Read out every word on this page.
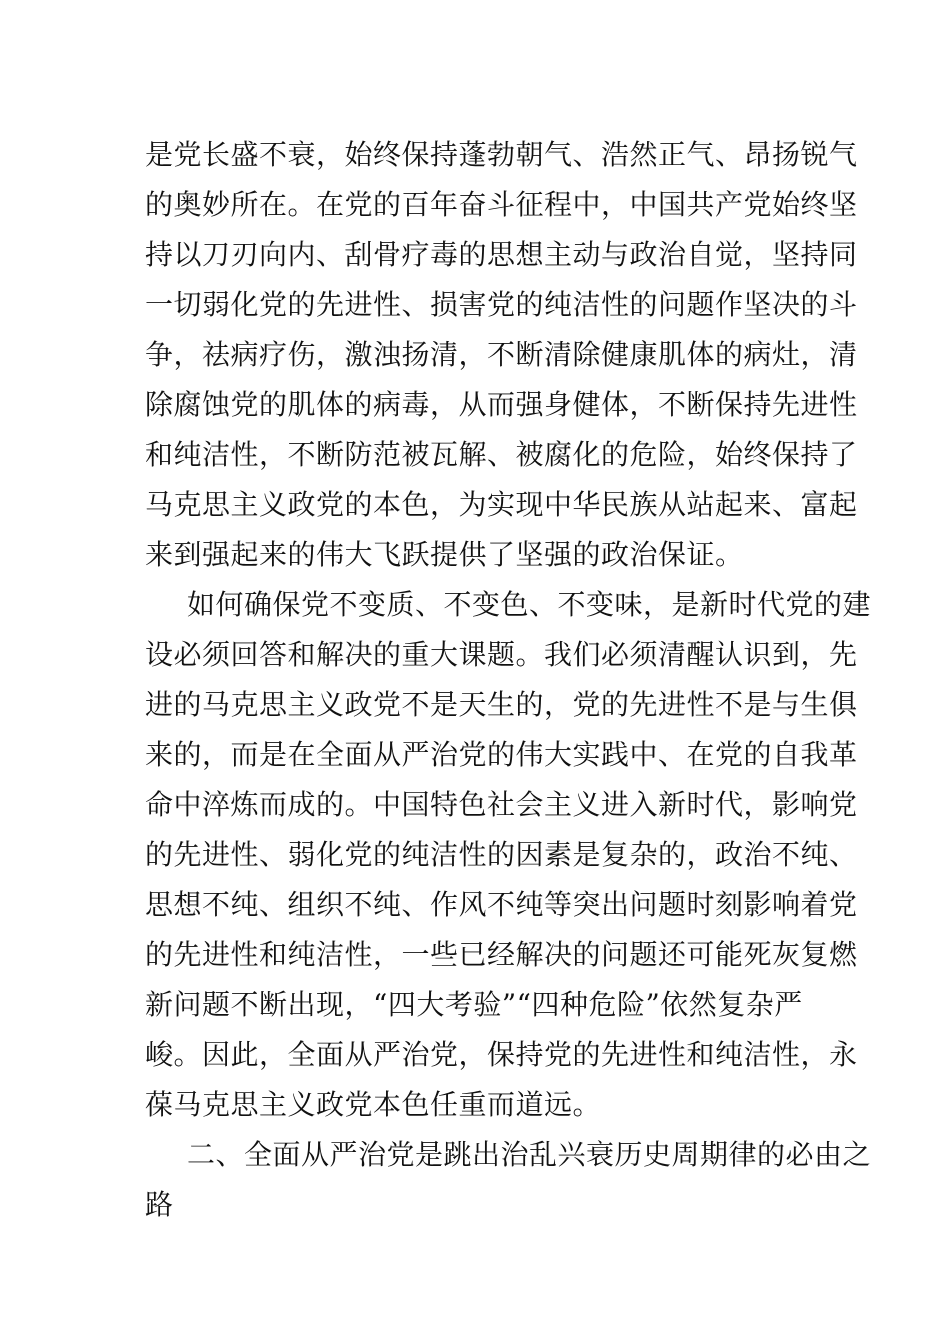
是党长盛不衰，始终保持蓬勃朝气、浩然正气、昂扬锐气
的奥妙所在。在党的百年奋斗征程中，中国共产党始终坚
持以刀刃向内、刮骨疗毒的思想主动与政治自觉，坚持同
一切弱化党的先进性、损害党的纯洁性的问题作坚决的斗
争，祛病疗伤，激浊扬清，不断清除健康肌体的病灶，清
除腐蚀党的肌体的病毒，从而强身健体，不断保持先进性
和纯洁性，不断防范被瓦解、被腐化的危险，始终保持了
马克思主义政党的本色，为实现中华民族从站起来、富起
来到强起来的伟大飞跃提供了坚强的政治保证。
如何确保党不变质、不变色、不变味，是新时代党的建
设必须回答和解决的重大课题。我们必须清醒认识到，先
进的马克思主义政党不是天生的，党的先进性不是与生俱
来的，而是在全面从严治党的伟大实践中、在党的自我革
命中淬炼而成的。中国特色社会主义进入新时代，影响党
的先进性、弱化党的纯洁性的因素是复杂的，政治不纯、
思想不纯、组织不纯、作风不纯等突出问题时刻影响着党
的先进性和纯洁性，一些已经解决的问题还可能死灰复燃
新问题不断出现，“四大考验”“四种危险”依然复杂严
峻。因此，全面从严治党，保持党的先进性和纯洁性，永
葆马克思主义政党本色任重而道远。
二、全面从严治党是跳出治乱兴衰历史周期律的必由之
路
